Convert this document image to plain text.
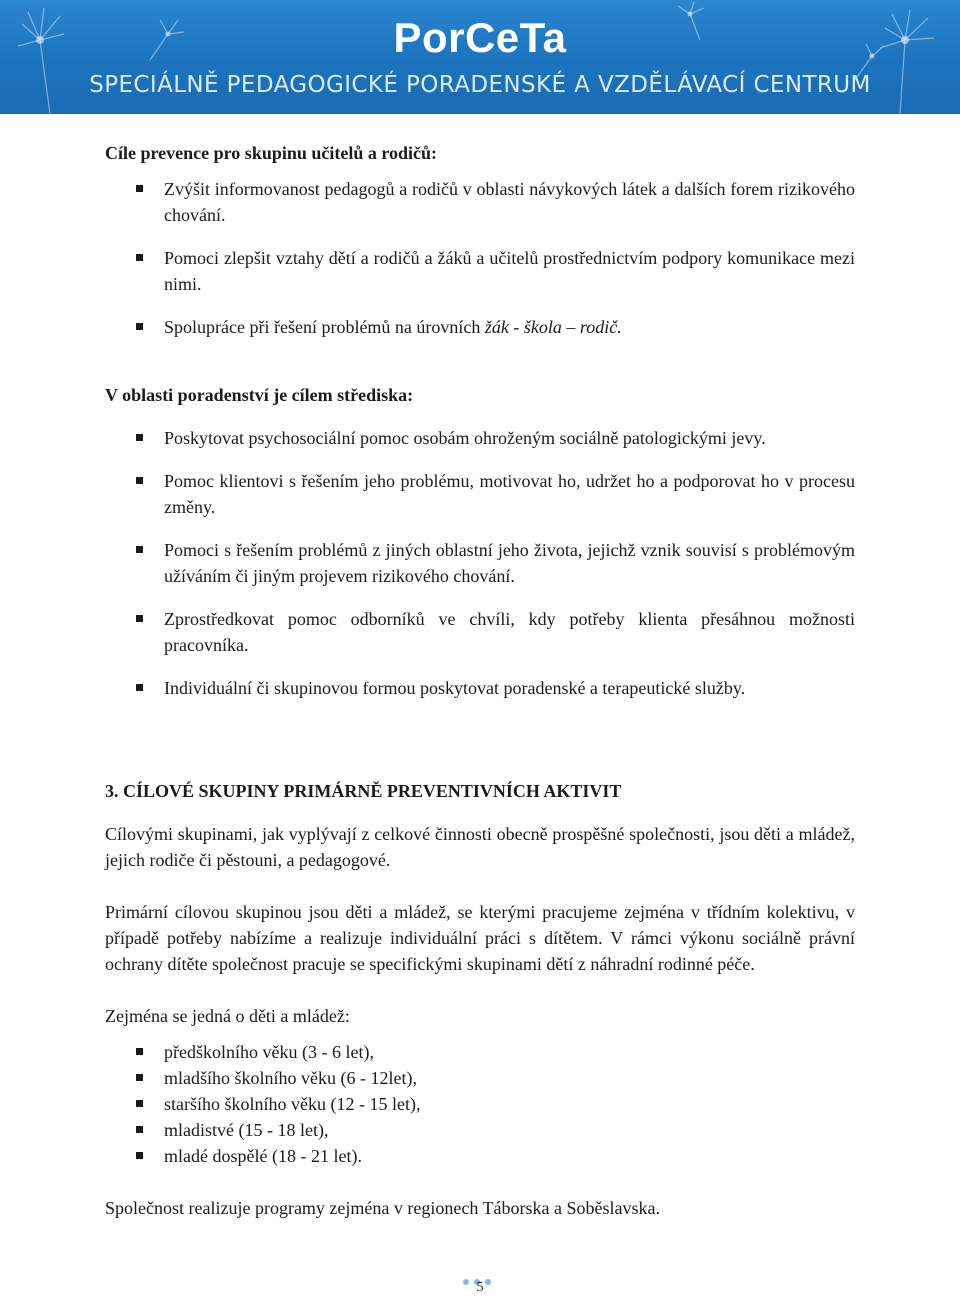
PorCeTa
SPECIÁLNĚ PEDAGOGICKÉ PORADENSKÉ A VZDĚLÁVACÍ CENTRUM

Cíle prevence pro skupinu učitelů a rodičů:

Zvýšit informovanost pedagogů a rodičů v oblasti návykových látek a dalších forem rizikového chování.
Pomoci zlepšit vztahy dětí a rodičů a žáků a učitelů prostřednictvím podpory komunikace mezi nimi.
Spolupráce při řešení problémů na úrovních žák - škola – rodič.

V oblasti poradenství je cílem střediska:

Poskytovat psychosociální pomoc osobám ohroženým sociálně patologickými jevy.
Pomoc klientovi s řešením jeho problému, motivovat ho, udržet ho a podporovat ho v procesu změny.
Pomoci s řešením problémů z jiných oblastní jeho života, jejichž vznik souvisí s problémovým užíváním či jiným projevem rizikového chování.
Zprostředkovat pomoc odborníků ve chvíli, kdy potřeby klienta přesáhnou možnosti pracovníka.
Individuální či skupinovou formou poskytovat poradenské a terapeutické služby.

3. CÍLOVÉ SKUPINY PRIMÁRNĚ PREVENTIVNÍCH AKTIVIT

Cílovými skupinami, jak vyplývají z celkové činnosti obecně prospěšné společnosti, jsou děti a mládež, jejich rodiče či pěstouni, a pedagogové.

Primární cílovou skupinou jsou děti a mládež, se kterými pracujeme zejména v třídním kolektivu, v případě potřeby nabízíme a realizuje individuální práci s dítětem. V rámci výkonu sociálně právní ochrany dítěte společnost pracuje se specifickými skupinami dětí z náhradní rodinné péče.

Zejména se jedná o děti a mládež:

předškolního věku (3 - 6 let),
mladšího školního věku (6 - 12let),
staršího školního věku (12 - 15 let),
mladistvé (15 - 18 let),
mladé dospělé (18 - 21 let).

Společnost realizuje programy zejména v regionech Táborska a Soběslavska.

5
